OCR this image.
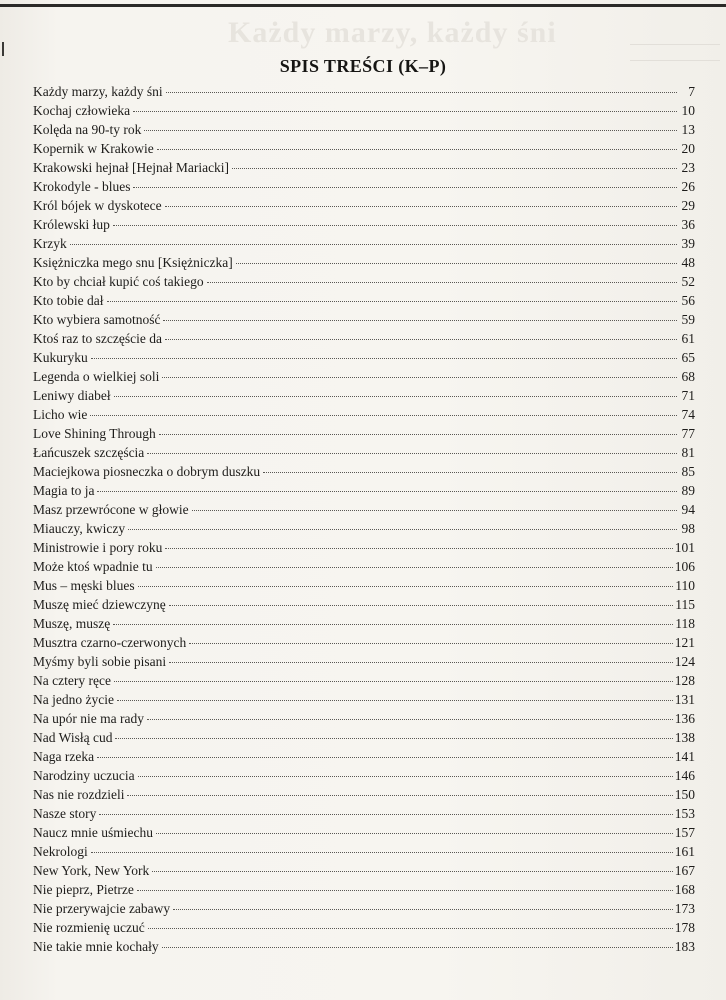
Każdy marzy, każdy śni
SPIS TREŚCI (K–P)
Każdy marzy, każdy śni	7
Kochaj człowieka	10
Kolęda na 90-ty rok	13
Kopernik w Krakowie	20
Krakowski hejnał [Hejnał Mariacki]	23
Krokodyle - blues	26
Król bójek w dyskotece	29
Królewski łup	36
Krzyk	39
Księżniczka mego snu [Księżniczka]	48
Kto by chciał kupić coś takiego	52
Kto tobie dał	56
Kto wybiera samotność	59
Ktoś raz to szczęście da	61
Kukuryku	65
Legenda o wielkiej soli	68
Leniwy diabeł	71
Licho wie	74
Love Shining Through	77
Łańcuszek szczęścia	81
Maciejkowa piosneczka o dobrym duszku	85
Magia to ja	89
Masz przewrócone w głowie	94
Miauczy, kwiczy	98
Ministrowie i pory roku	101
Może ktoś wpadnie tu	106
Mus – męski blues	110
Muszę mieć dziewczynę	115
Muszę, muszę	118
Musztra czarno-czerwonych	121
Myśmy byli sobie pisani	124
Na cztery ręce	128
Na jedno życie	131
Na upór nie ma rady	136
Nad Wisłą cud	138
Naga rzeka	141
Narodziny uczucia	146
Nas nie rozdzieli	150
Nasze story	153
Naucz mnie uśmiechu	157
Nekrologi	161
New York, New York	167
Nie pieprz, Pietrze	168
Nie przerywajcie zabawy	173
Nie rozmienię uczuć	178
Nie takie mnie kochały	183
